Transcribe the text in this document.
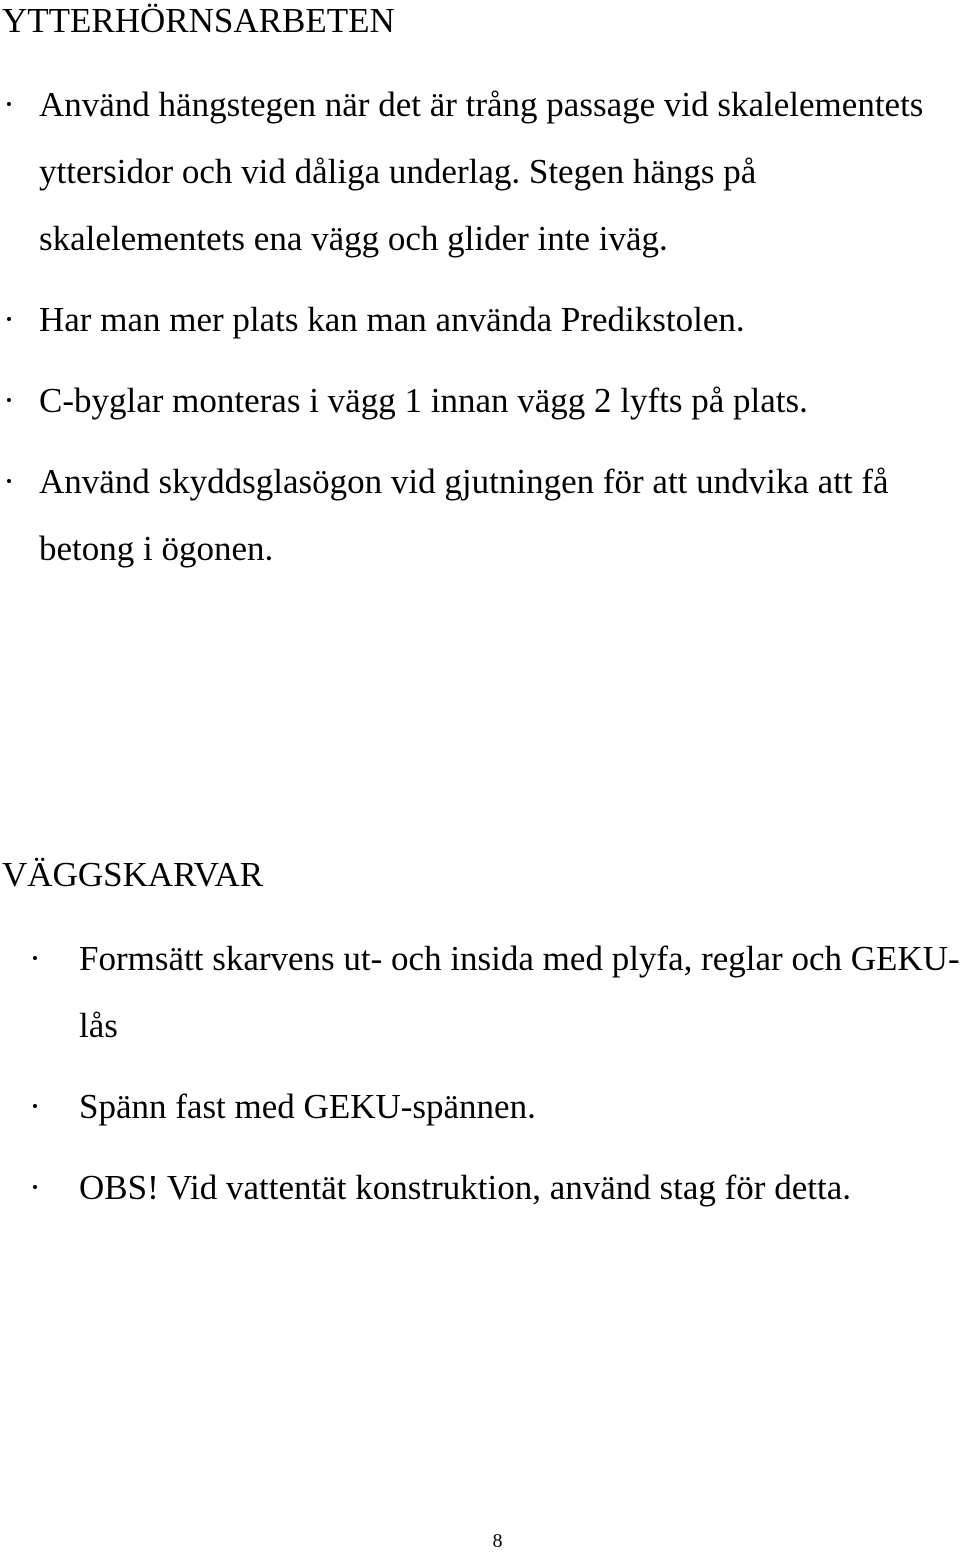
YTTERHÖRNSARBETEN
Använd hängstegen när det är trång passage vid skalelementets yttersidor och vid dåliga underlag. Stegen hängs på skalelementets ena vägg och glider inte iväg.
Har man mer plats kan man använda Predikstolen.
C-byglar monteras i vägg 1 innan vägg 2 lyfts på plats.
Använd skyddsglasögon vid gjutningen för att undvika att få betong i ögonen.
VÄGGSKARVAR
Formsätt skarvens ut- och insida med plyfa, reglar och GEKU-lås
Spänn fast med GEKU-spännen.
OBS! Vid vattentät konstruktion, använd stag för detta.
8
